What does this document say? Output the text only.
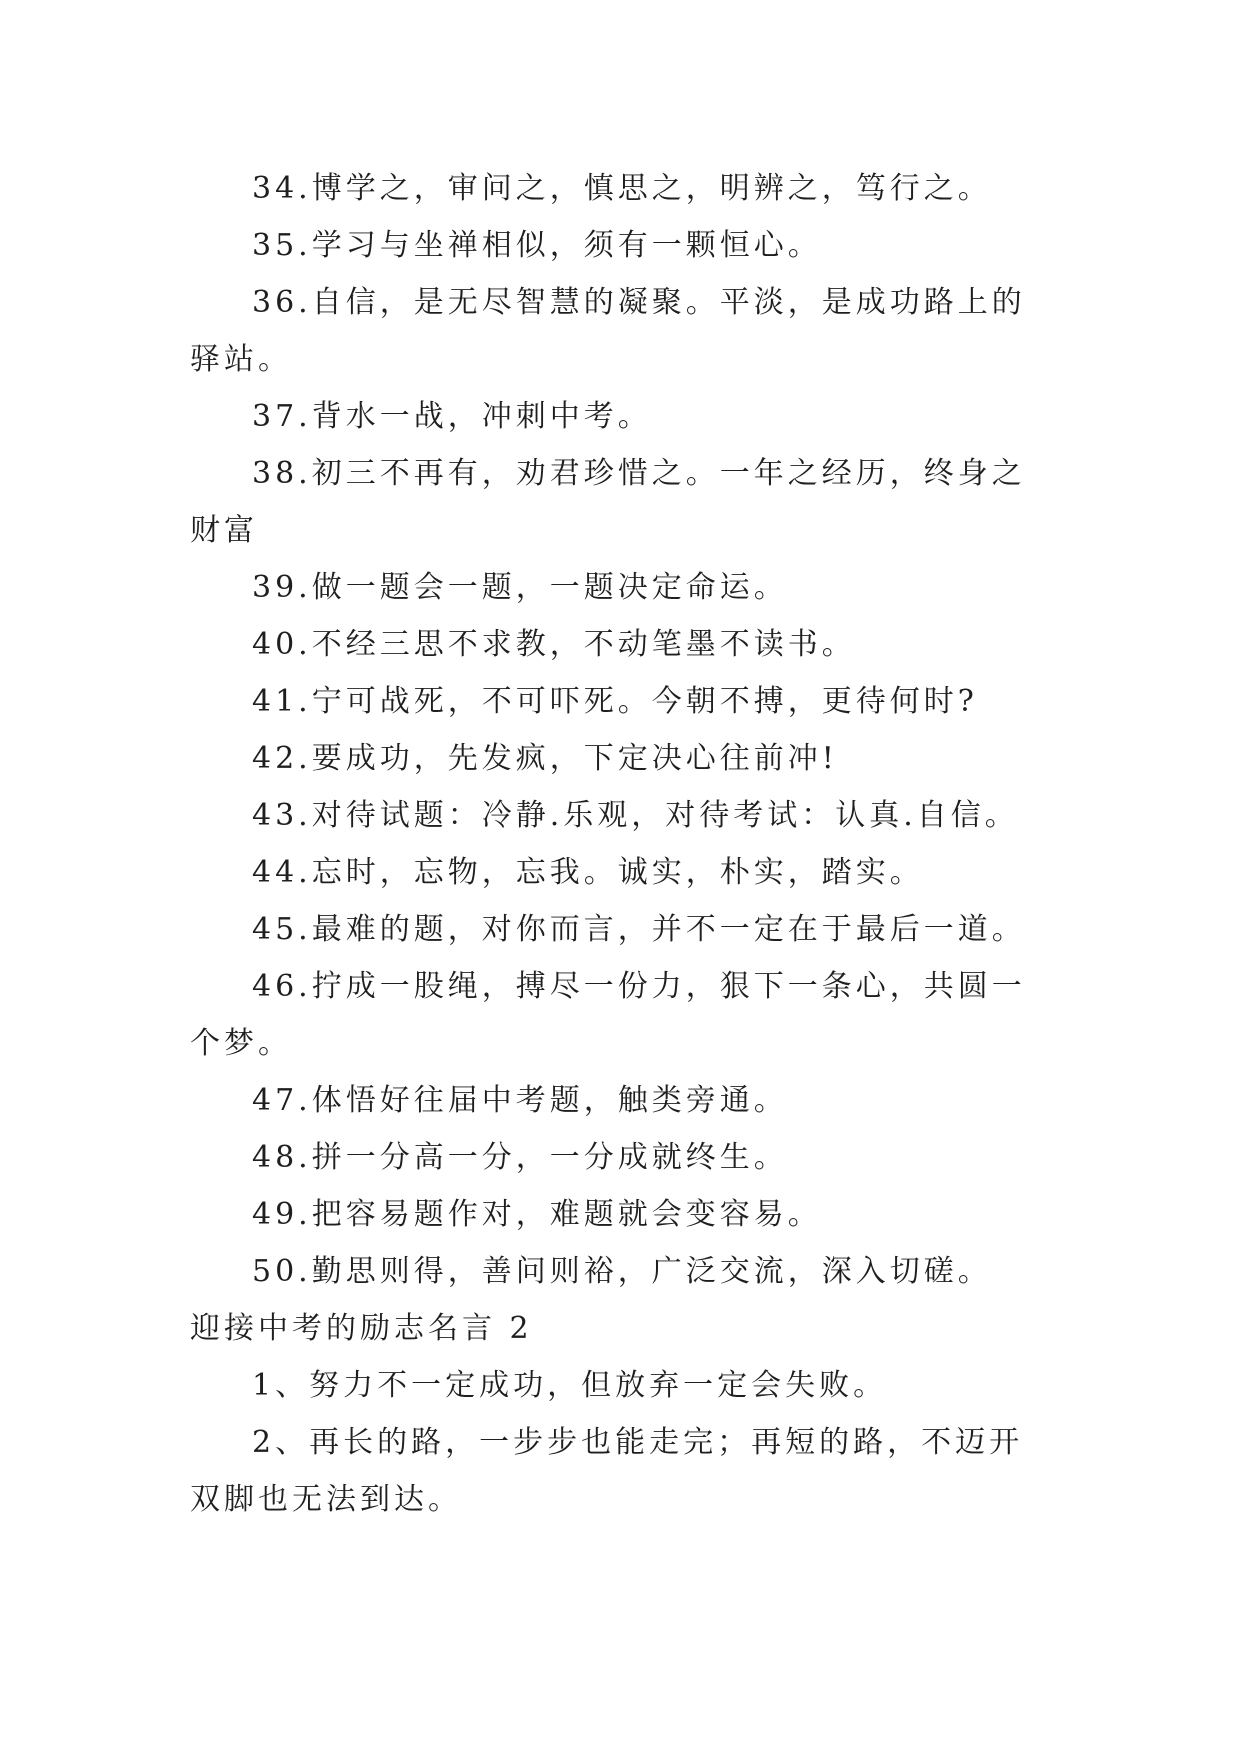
34.博学之，审问之，慎思之，明辨之，笃行之。

35.学习与坐禅相似，须有一颗恒心。

36.自信，是无尽智慧的凝聚。平淡，是成功路上的驿站。

37.背水一战，冲刺中考。

38.初三不再有，劝君珍惜之。一年之经历，终身之财富

39.做一题会一题，一题决定命运。

40.不经三思不求教，不动笔墨不读书。

41.宁可战死，不可吓死。今朝不搏，更待何时?

42.要成功，先发疯，下定决心往前冲!

43.对待试题：冷静.乐观，对待考试：认真.自信。

44.忘时，忘物，忘我。诚实，朴实，踏实。

45.最难的题，对你而言，并不一定在于最后一道。

46.拧成一股绳，搏尽一份力，狠下一条心，共圆一个梦。

47.体悟好往届中考题，触类旁通。

48.拼一分高一分，一分成就终生。

49.把容易题作对，难题就会变容易。

50.勤思则得，善问则裕，广泛交流，深入切磋。

迎接中考的励志名言 2

1、努力不一定成功，但放弃一定会失败。

2、再长的路，一步步也能走完；再短的路，不迈开双脚也无法到达。
